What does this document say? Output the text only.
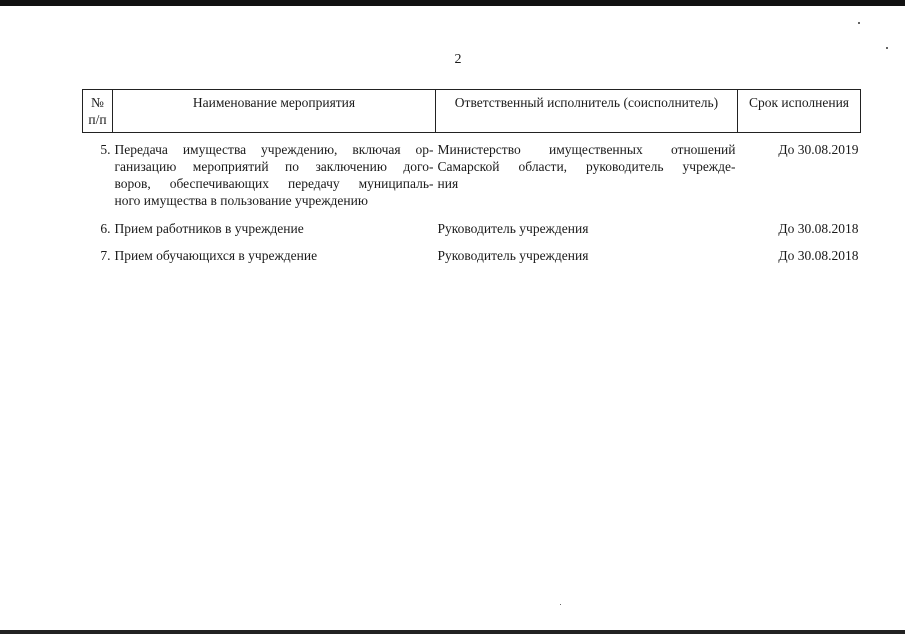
2
№ п/п	Наименование мероприятия	Ответственный исполнитель (соисполнитель)	Срок исполнения
5.	Передача имущества учреждению, включая ор-
ганизацию мероприятий по заключению дого-
воров, обеспечивающих передачу муниципаль-
ного имущества в пользование учреждению	Министерство имущественных отношений
Самарской области, руководитель учрежде-
ния	До 30.08.2019
6.	Прием работников в учреждение	Руководитель учреждения	До 30.08.2018
7.	Прием обучающихся в учреждение	Руководитель учреждения	До 30.08.2018
